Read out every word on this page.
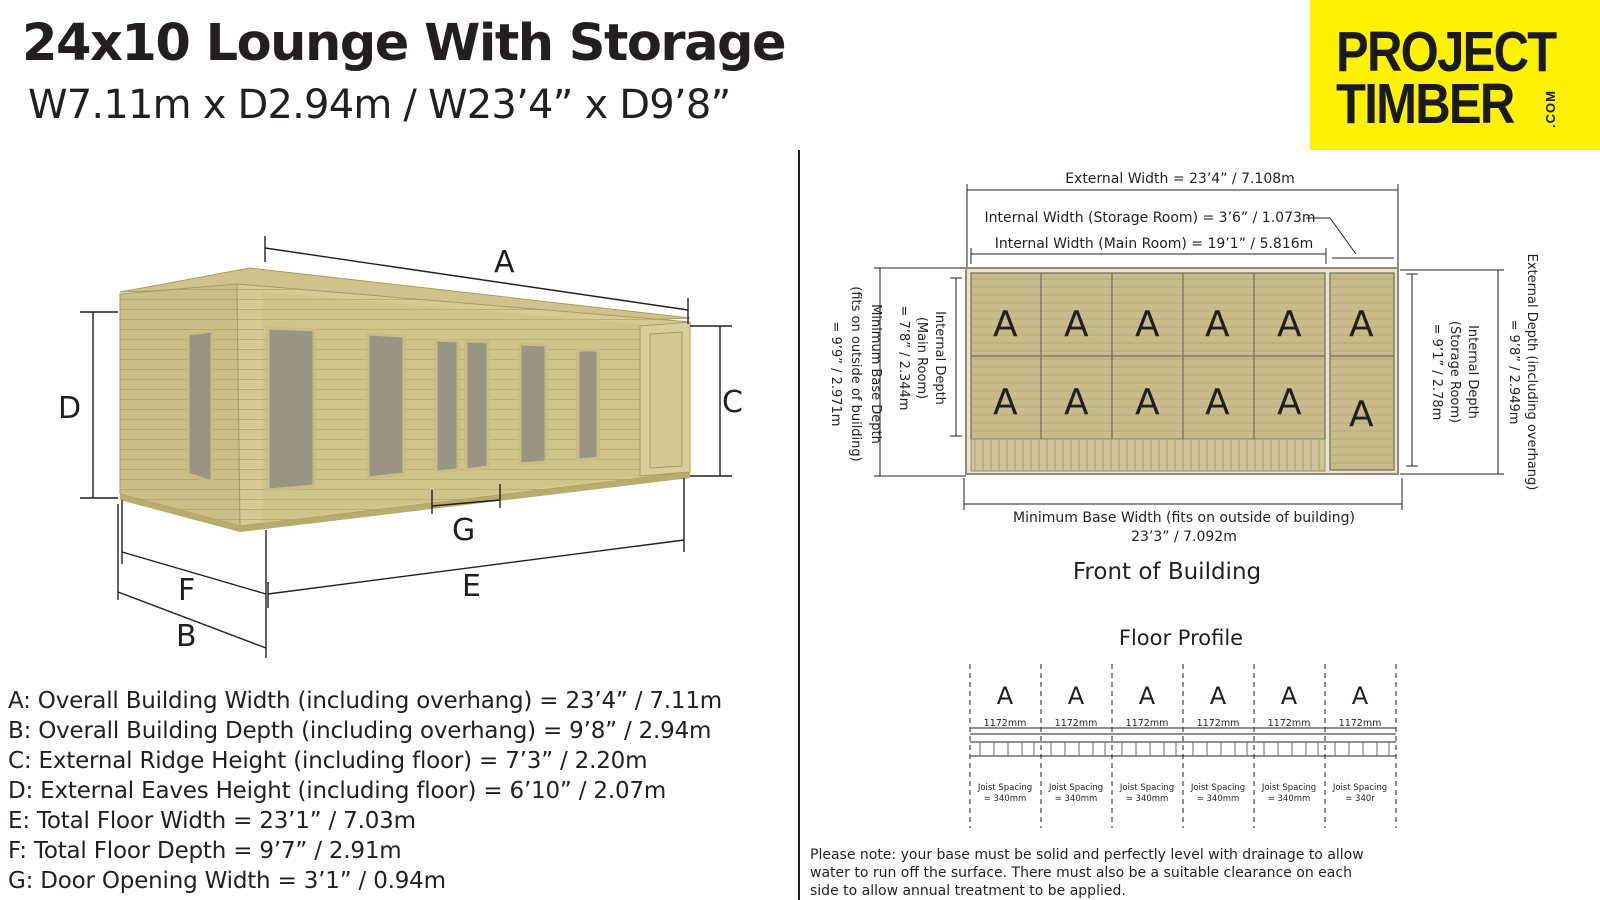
24x10 Lounge With Storage
W7.11m x D2.94m / W23’4” x D9’8”
PROJECT
TIMBER .COM
A
D	C
G
E
F
B
A: Overall Building Width (including overhang) = 23’4” / 7.11m
B: Overall Building Depth (including overhang) = 9’8” / 2.94m
C: External Ridge Height (including floor) = 7’3” / 2.20m
D: External Eaves Height (including floor) = 6’10” / 2.07m
E: Total Floor Width = 23’1” / 7.03m
F: Total Floor Depth = 9’7” / 2.91m
G: Door Opening Width = 3’1” / 0.94m
A A A A A A
A A A A A A
External Width = 23’4” / 7.108m
Internal Width (Storage Room) = 3’6” / 1.073m
Internal Width (Main Room) = 19’1” / 5.816m
Minimum Base Width (fits on outside of building)
23’3” / 7.092m
Minimum Base Depth
(fits on outside of building)
= 9’9” / 2.971m	Internal Depth
(Main Room)
= 7’8” / 2.344m	Internal Depth
(Storage Room)
= 9’1” / 2.78m	External Depth (including overhang)
= 9’8” / 2.949m
Front of Building
Floor Profile
A A A A A A
1172mm	1172mm	1172mm	1172mm	1172mm	1172mm
Joist Spacing
= 340mm
Joist Spacing
= 340mm
Joist Spacing
= 340mm
Joist Spacing
= 340mm
Joist Spacing
= 340mm
Joist Spacing
= 340r
Please note: your base must be solid and perfectly level with drainage to allow water to run off the surface. There must also be a suitable clearance on each side to allow annual treatment to be applied.
